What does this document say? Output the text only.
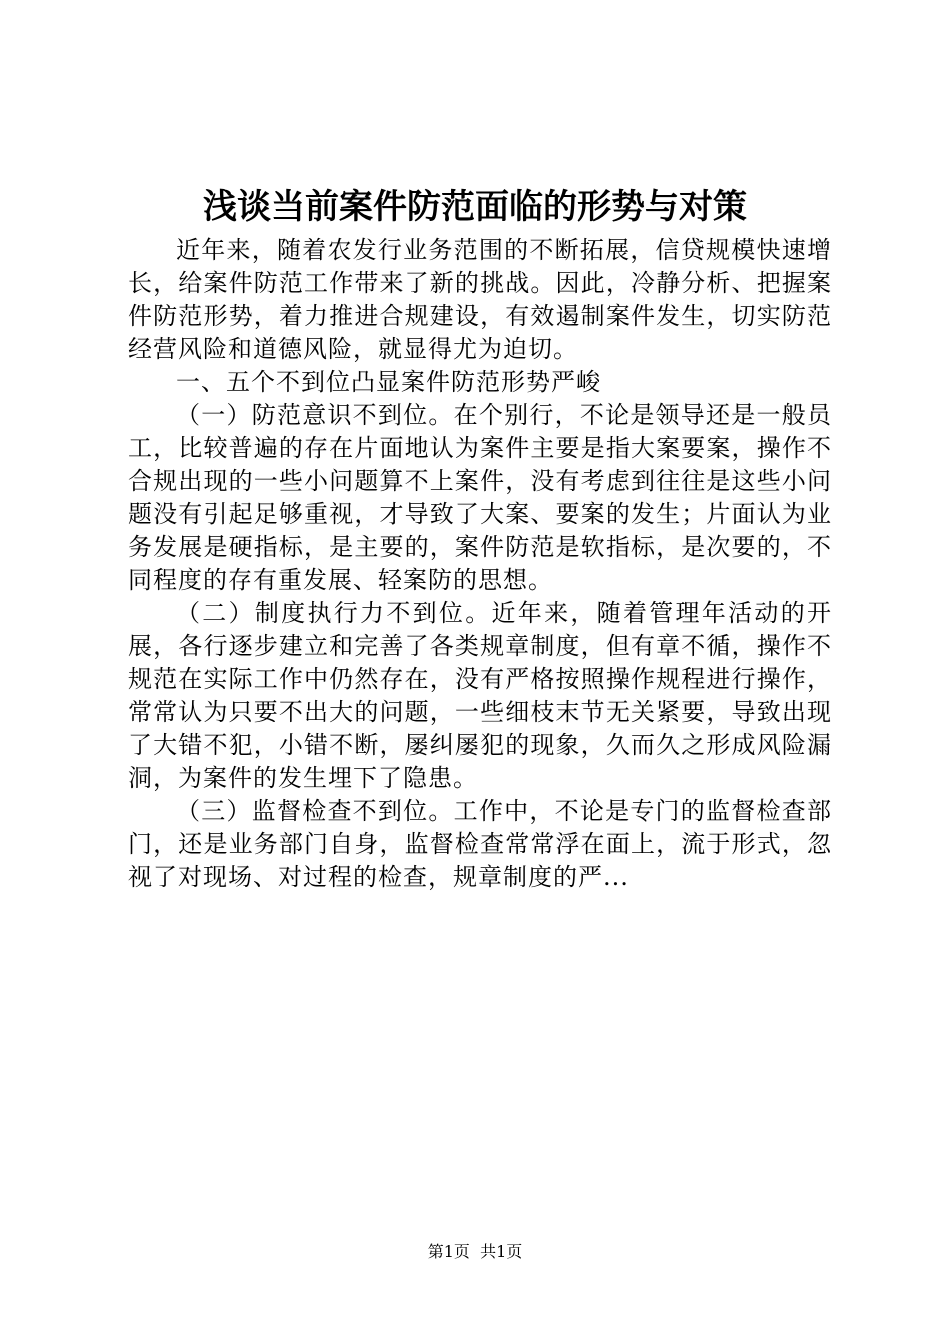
浅谈当前案件防范面临的形势与对策

近年来，随着农发行业务范围的不断拓展，信贷规模快速增长，给案件防范工作带来了新的挑战。因此，冷静分析、把握案件防范形势，着力推进合规建设，有效遏制案件发生，切实防范经营风险和道德风险，就显得尤为迫切。

一、五个不到位凸显案件防范形势严峻

（一）防范意识不到位。在个别行，不论是领导还是一般员工，比较普遍的存在片面地认为案件主要是指大案要案，操作不合规出现的一些小问题算不上案件，没有考虑到往往是这些小问题没有引起足够重视，才导致了大案、要案的发生；片面认为业务发展是硬指标，是主要的，案件防范是软指标，是次要的，不同程度的存有重发展、轻案防的思想。

（二）制度执行力不到位。近年来，随着管理年活动的开展，各行逐步建立和完善了各类规章制度，但有章不循，操作不规范在实际工作中仍然存在，没有严格按照操作规程进行操作，常常认为只要不出大的问题，一些细枝末节无关紧要，导致出现了大错不犯，小错不断，屡纠屡犯的现象，久而久之形成风险漏洞，为案件的发生埋下了隐患。

（三）监督检查不到位。工作中，不论是专门的监督检查部门，还是业务部门自身，监督检查常常浮在面上，流于形式，忽视了对现场、对过程的检查，规章制度的严...

第1页  共1页
